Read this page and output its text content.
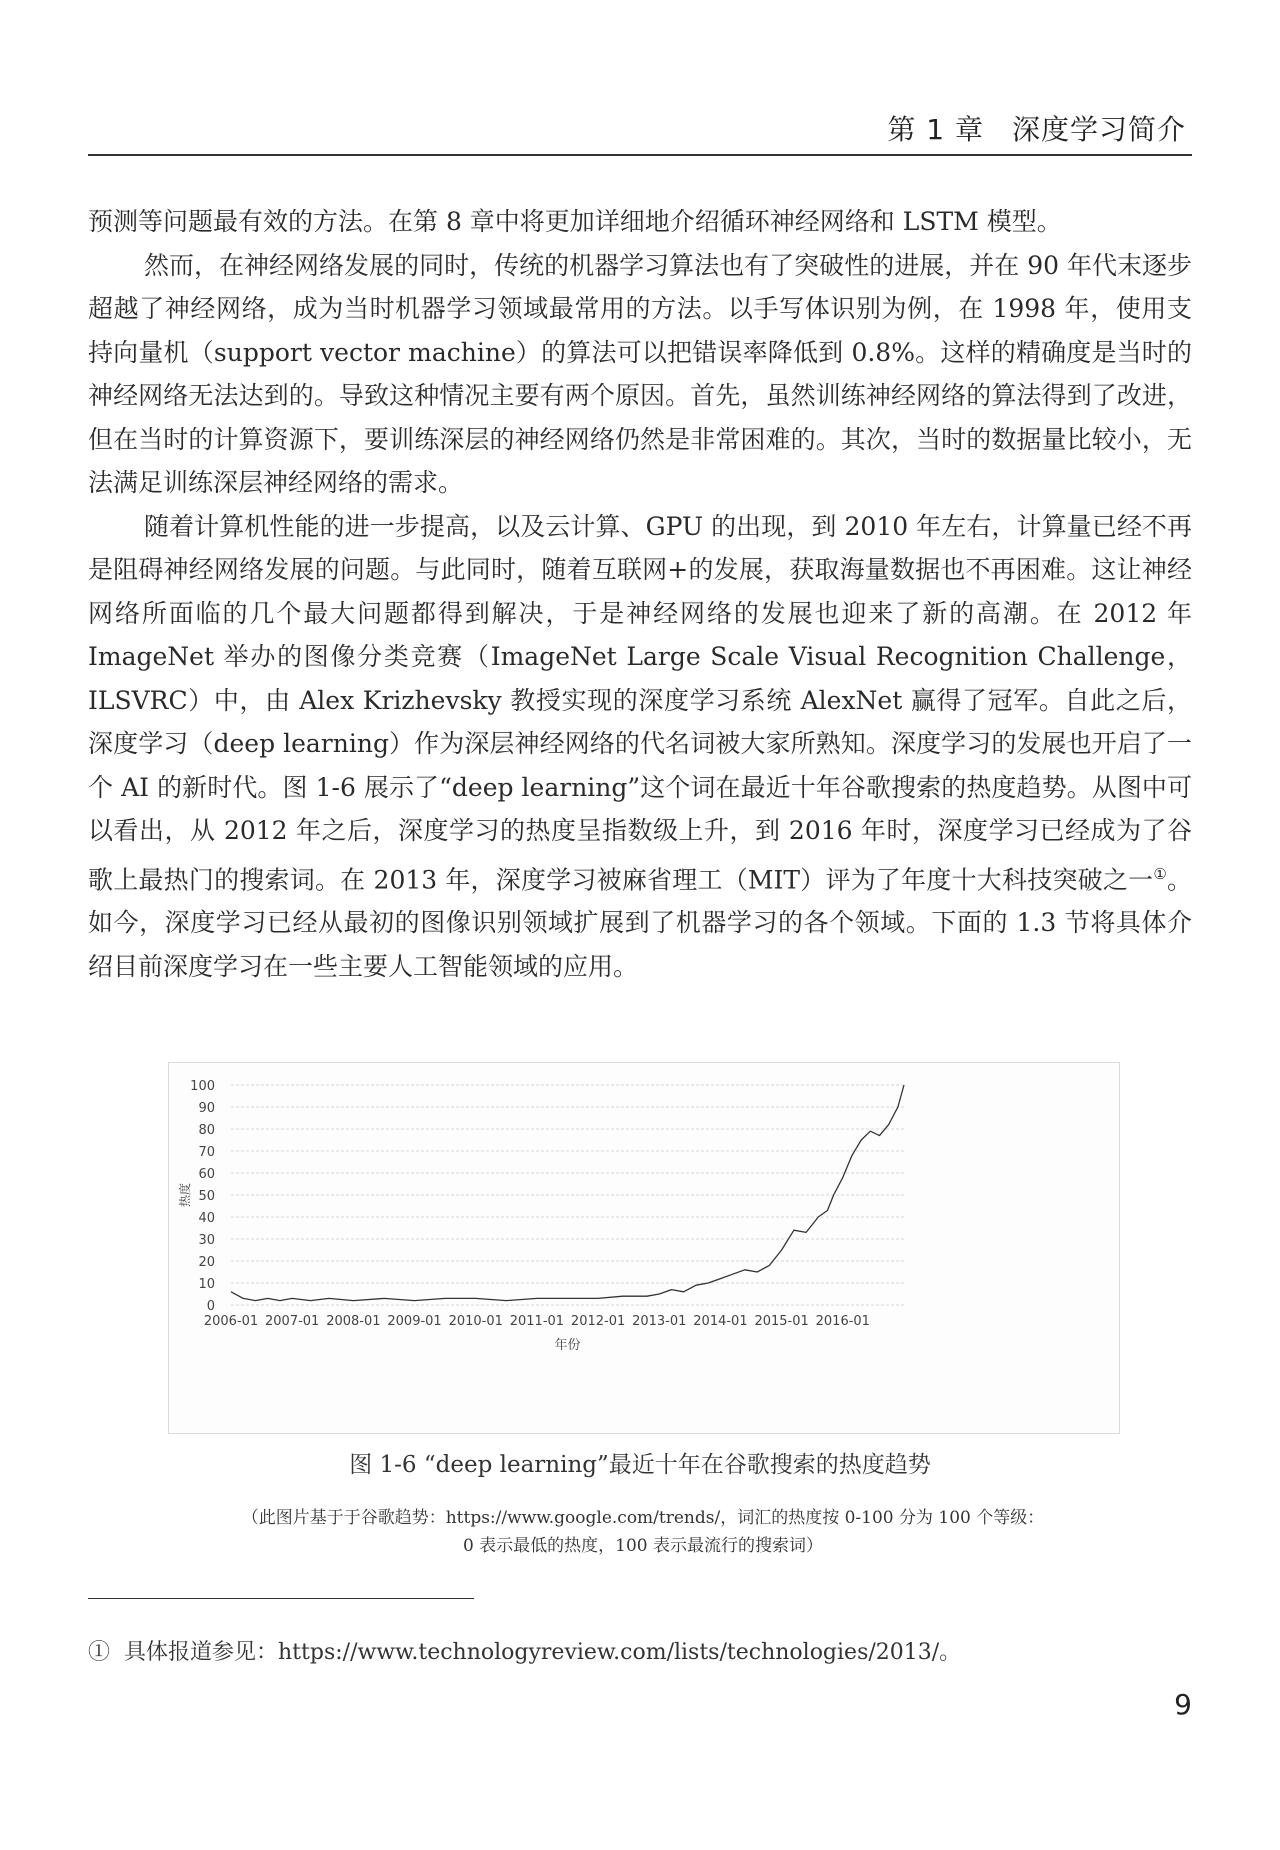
第 1 章 深度学习简介

预测等问题最有效的方法。在第 8 章中将更加详细地介绍循环神经网络和 LSTM 模型。

然而，在神经网络发展的同时，传统的机器学习算法也有了突破性的进展，并在 90 年代末逐步超越了神经网络，成为当时机器学习领域最常用的方法。以手写体识别为例，在 1998 年，使用支持向量机（support vector machine）的算法可以把错误率降低到 0.8%。这样的精确度是当时的神经网络无法达到的。导致这种情况主要有两个原因。首先，虽然训练神经网络的算法得到了改进，但在当时的计算资源下，要训练深层的神经网络仍然是非常困难的。其次，当时的数据量比较小，无法满足训练深层神经网络的需求。

随着计算机性能的进一步提高，以及云计算、GPU 的出现，到 2010 年左右，计算量已经不再是阻碍神经网络发展的问题。与此同时，随着互联网+的发展，获取海量数据也不再困难。这让神经网络所面临的几个最大问题都得到解决，于是神经网络的发展也迎来了新的高潮。在 2012 年 ImageNet 举办的图像分类竞赛（ImageNet Large Scale Visual Recognition Challenge，ILSVRC）中，由 Alex Krizhevsky 教授实现的深度学习系统 AlexNet 赢得了冠军。自此之后，深度学习（deep learning）作为深层神经网络的代名词被大家所熟知。深度学习的发展也开启了一个 AI 的新时代。图 1-6 展示了“deep learning”这个词在最近十年谷歌搜索的热度趋势。从图中可以看出，从 2012 年之后，深度学习的热度呈指数级上升，到 2016 年时，深度学习已经成为了谷歌上最热门的搜索词。在 2013 年，深度学习被麻省理工（MIT）评为了年度十大科技突破之一①。如今，深度学习已经从最初的图像识别领域扩展到了机器学习的各个领域。下面的 1.3 节将具体介绍目前深度学习在一些主要人工智能领域的应用。

0
10
20
30
40
50
60
70
80
90
100
2006-01 2007-01 2008-01 2009-01 2010-01 2011-01 2012-01 2013-01 2014-01 2015-01 2016-01
热度
年份
图 1-6 “deep learning”最近十年在谷歌搜索的热度趋势
（此图片基于于谷歌趋势：https://www.google.com/trends/，词汇的热度按 0-100 分为 100 个等级：
0 表示最低的热度，100 表示最流行的搜索词）
① 具体报道参见：https://www.technologyreview.com/lists/technologies/2013/。
9
